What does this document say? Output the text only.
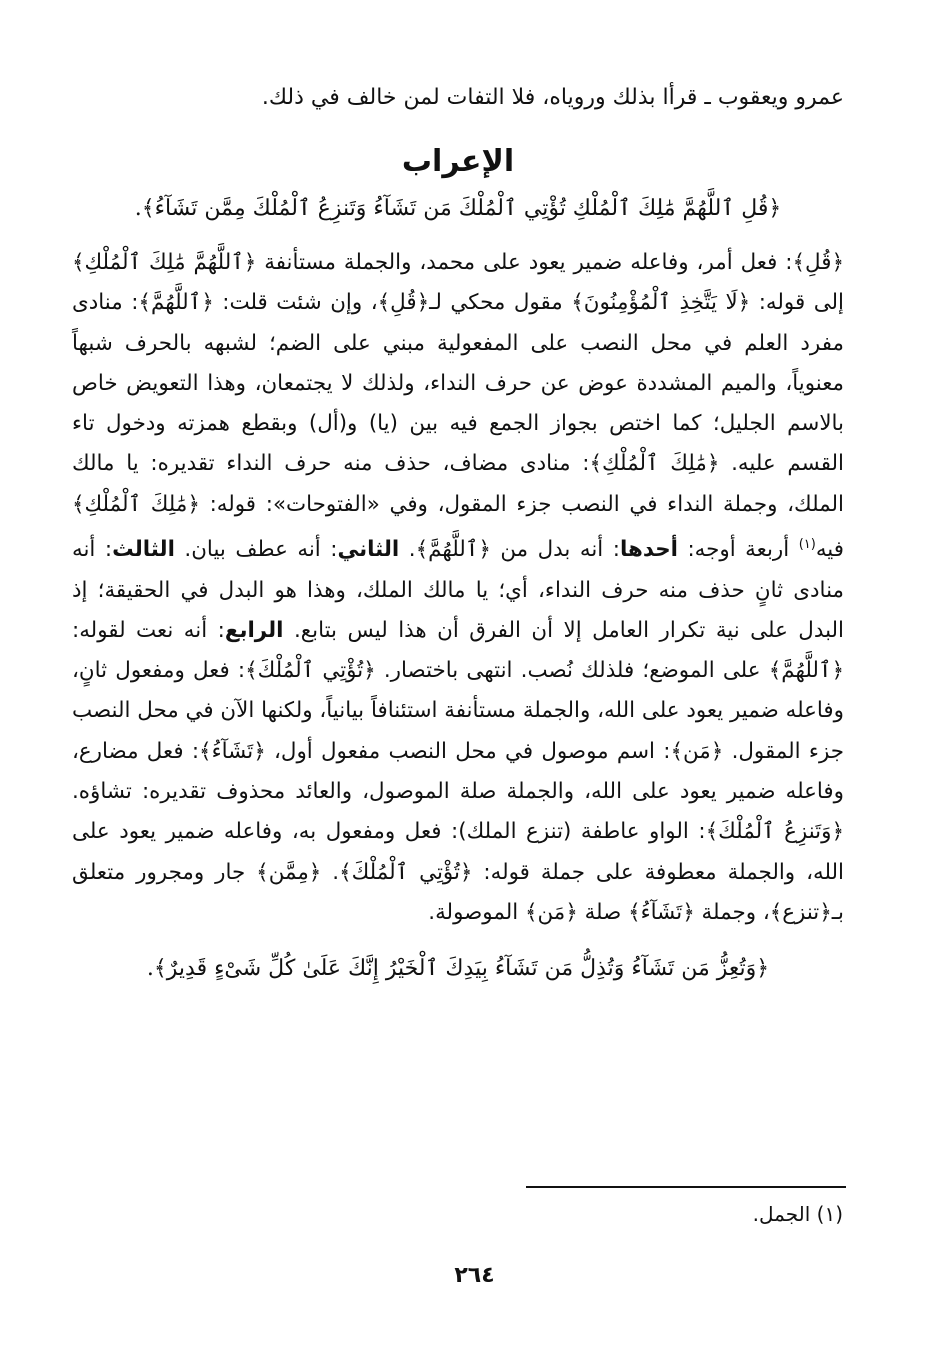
عمرو ويعقوب ـ قرأا بذلك وروياه، فلا التفات لمن خالف في ذلك.

الإعراب

﴿قُلِ ٱللَّهُمَّ مَٰلِكَ ٱلْمُلْكِ تُؤْتِي ٱلْمُلْكَ مَن تَشَآءُ وَتَنزِعُ ٱلْمُلْكَ مِمَّن تَشَآءُ﴾.

﴿قُلِ﴾: فعل أمر، وفاعله ضمير يعود على محمد، والجملة مستأنفة ﴿ٱللَّهُمَّ مَٰلِكَ ٱلْمُلْكِ﴾ إلى قوله: ﴿لَا يَتَّخِذِ ٱلْمُؤْمِنُونَ﴾ مقول محكي لـ﴿قُلِ﴾، وإن شئت قلت: ﴿ٱللَّهُمَّ﴾: منادى مفرد العلم في محل النصب على المفعولية مبني على الضم؛ لشبهه بالحرف شبهاً معنوياً، والميم المشددة عوض عن حرف النداء، ولذلك لا يجتمعان، وهذا التعويض خاص بالاسم الجليل؛ كما اختص بجواز الجمع فيه بين (يا) و(أل) وبقطع همزته ودخول تاء القسم عليه. ﴿مَٰلِكَ ٱلْمُلْكِ﴾: منادى مضاف، حذف منه حرف النداء تقديره: يا مالك الملك، وجملة النداء في النصب جزء المقول، وفي «الفتوحات»: قوله: ﴿مَٰلِكَ ٱلْمُلْكِ﴾ فيه$^{(١)}$ أربعة أوجه: أحدها: أنه بدل من ﴿ٱللَّهُمَّ﴾. الثاني: أنه عطف بيان. الثالث: أنه منادى ثانٍ حذف منه حرف النداء، أي؛ يا مالك الملك، وهذا هو البدل في الحقيقة؛ إذ البدل على نية تكرار العامل إلا أن الفرق أن هذا ليس بتابع. الرابع: أنه نعت لقوله: ﴿ٱللَّهُمَّ﴾ على الموضع؛ فلذلك نُصب. انتهى باختصار. ﴿تُؤْتِي ٱلْمُلْكَ﴾: فعل ومفعول ثانٍ، وفاعله ضمير يعود على الله، والجملة مستأنفة استئنافاً بيانياً، ولكنها الآن في محل النصب جزء المقول. ﴿مَن﴾: اسم موصول في محل النصب مفعول أول، ﴿تَشَآءُ﴾: فعل مضارع، وفاعله ضمير يعود على الله، والجملة صلة الموصول، والعائد محذوف تقديره: تشاؤه. ﴿وَتَنزِعُ ٱلْمُلْكَ﴾: الواو عاطفة (تنزع الملك): فعل ومفعول به، وفاعله ضمير يعود على الله، والجملة معطوفة على جملة قوله: ﴿تُؤْتِي ٱلْمُلْكَ﴾. ﴿مِمَّن﴾ جار ومجرور متعلق بـ﴿تنزع﴾، وجملة ﴿تَشَآءُ﴾ صلة ﴿مَن﴾ الموصولة.

﴿وَتُعِزُّ مَن تَشَآءُ وَتُذِلُّ مَن تَشَآءُ بِيَدِكَ ٱلْخَيْرُ إِنَّكَ عَلَىٰ كُلِّ شَىْءٍ قَدِيرٌ﴾.

(١) الجمل.
٢٦٤
